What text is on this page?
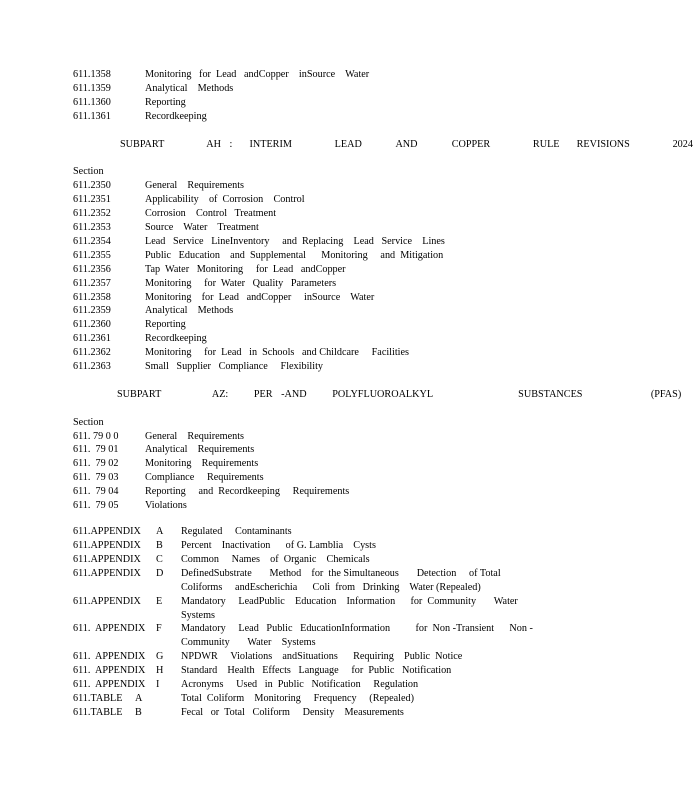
611.1358	Monitoring   for  Lead   andCopper    inSource    Water
611.1359	Analytical    Methods
611.1360	Reporting
611.1361	Recordkeeping
SUBPART     AH :  INTERIM     LEAD    AND    COPPER     RULE  REVISIONS     2024
Section
611.2350	General    Requirements
611.2351	Applicability    of  Corrosion    Control
611.2352	Corrosion    Control   Treatment
611.2353	Source    Water    Treatment
611.2354	Lead   Service   LineInventory     and  Replacing    Lead   Service    Lines
611.2355	Public   Education    and  Supplemental      Monitoring     and  Mitigation
611.2356	Tap  Water   Monitoring     for  Lead   andCopper
611.2357	Monitoring     for  Water   Quality   Parameters
611.2358	Monitoring    for  Lead   andCopper     inSource    Water
611.2359	Analytical    Methods
611.2360	Reporting
611.2361	Recordkeeping
611.2362	Monitoring     for  Lead   in  Schools   and Childcare     Facilities
611.2363	Small   Supplier   Compliance     Flexibility
SUBPART      AZ:   PER -AND   POLYFLUOROALKYL          SUBSTANCES        (PFAS)
Section
611. 79 0 0	General    Requirements
611.  79 01	Analytical    Requirements
611.  79 02	Monitoring    Requirements
611.  79 03	Compliance     Requirements
611.  79 04	Reporting     and  Recordkeeping     Requirements
611.  79 05	Violations
611.APPENDIX A Regulated     Contaminants
611.APPENDIX B Percent    Inactivation      of G. Lamblia    Cysts
611.APPENDIX C Common     Names    of  Organic    Chemicals
611.APPENDIX D DefinedSubstrate       Method    for  the Simultaneous       Detection     of Total
Coliforms     andEscherichia      Coli  from   Drinking    Water (Repealed)
611.APPENDIX E Mandatory     LeadPublic    Education    Information      for  Community       Water
Systems
611.  APPENDIX F Mandatory     Lead   Public   EducationInformation          for  Non -Transient      Non -
Community       Water    Systems
611.  APPENDIX G NPDWR     Violations    andSituations      Requiring    Public  Notice
611.  APPENDIX H Standard    Health   Effects   Language     for  Public   Notification
611.  APPENDIX I Acronyms     Used   in  Public   Notification     Regulation
611.TABLE A	Total  Coliform    Monitoring     Frequency     (Repealed)
611.TABLE B	Fecal   or  Total   Coliform     Density    Measurements
